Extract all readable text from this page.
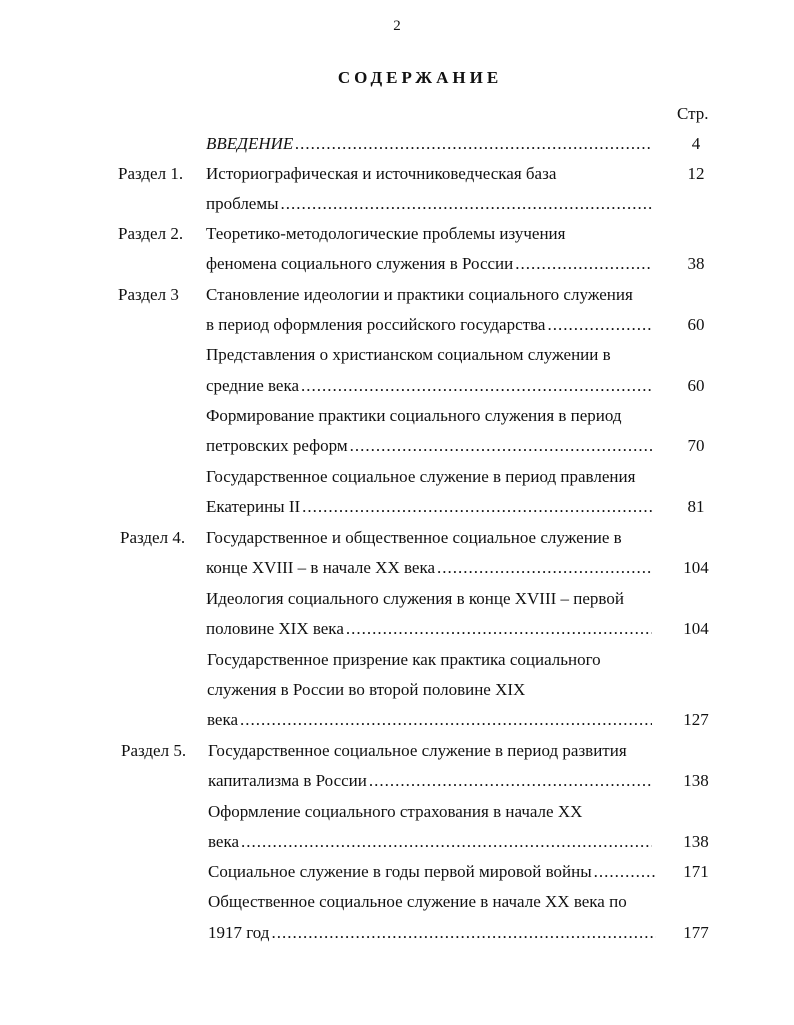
2
СОДЕРЖАНИЕ
Стр.
ВВЕДЕНИЕ .....	4
Раздел 1.	Историографическая и источниковедческая база	12
проблемы .....
Раздел 2.	Теоретико-методологические проблемы изучения
феномена социального служения в России .....	38
Раздел 3	Становление идеологии и практики социального служения
в период оформления российского государства .....	60
Представления о христианском социальном служении в
средние века .....	60
Формирование практики социального служения в период
петровских реформ .....	70
Государственное социальное служение в период правления
Екатерины II .....	81
Раздел 4.	Государственное и общественное социальное служение в
конце XVIII – в начале XX века .....	104
Идеология социального служения в конце XVIII – первой
половине XIX века .....	104
Государственное призрение как практика социального
служения в России во второй половине XIX
века .....	127
Раздел 5.	Государственное социальное служение в период развития
капитализма в России .....	138
Оформление социального страхования в начале XX
века .....	138
Социальное служение в годы первой мировой войны .....	171
Общественное социальное служение в начале XX века по
1917 год .....	177
